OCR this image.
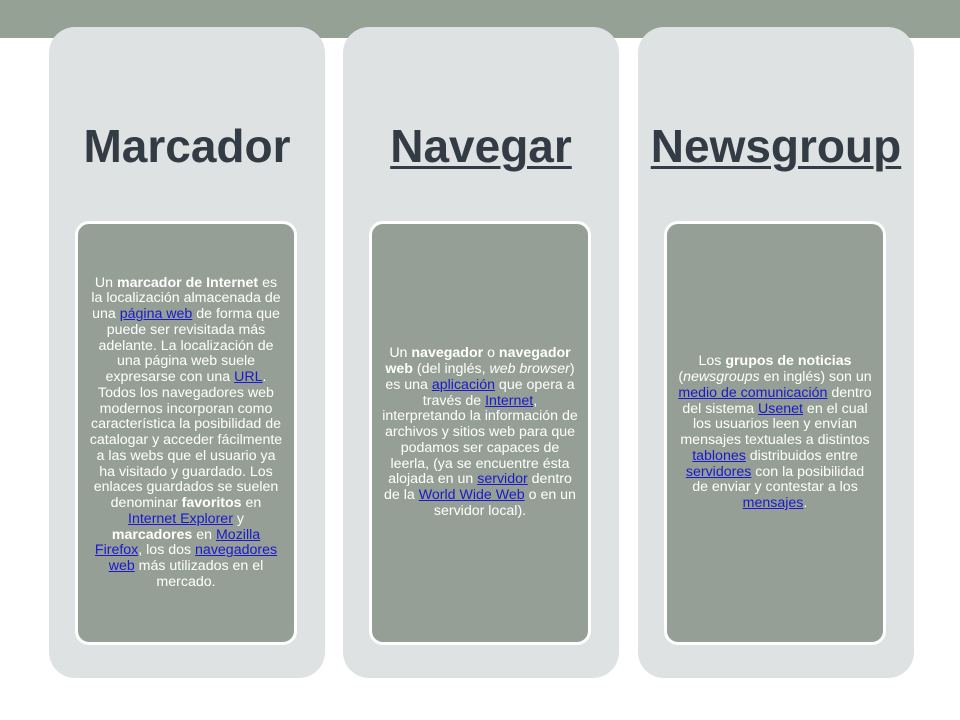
Marcador

Un marcador de Internet es la localización almacenada de una página web de forma que puede ser revisitada más adelante. La localización de una página web suele expresarse con una URL. Todos los navegadores web modernos incorporan como característica la posibilidad de catalogar y acceder fácilmente a las webs que el usuario ya ha visitado y guardado. Los enlaces guardados se suelen denominar favoritos en Internet Explorer y marcadores en Mozilla Firefox, los dos navegadores web más utilizados en el mercado.

Navegar

Un navegador o navegador web (del inglés, web browser) es una aplicación que opera a través de Internet, interpretando la información de archivos y sitios web para que podamos ser capaces de leerla, (ya se encuentre ésta alojada en un servidor dentro de la World Wide Web o en un servidor local).

Newsgroup

Los grupos de noticias (newsgroups en inglés) son un medio de comunicación dentro del sistema Usenet en el cual los usuarios leen y envían mensajes textuales a distintos tablones distribuidos entre servidores con la posibilidad de enviar y contestar a los mensajes.
